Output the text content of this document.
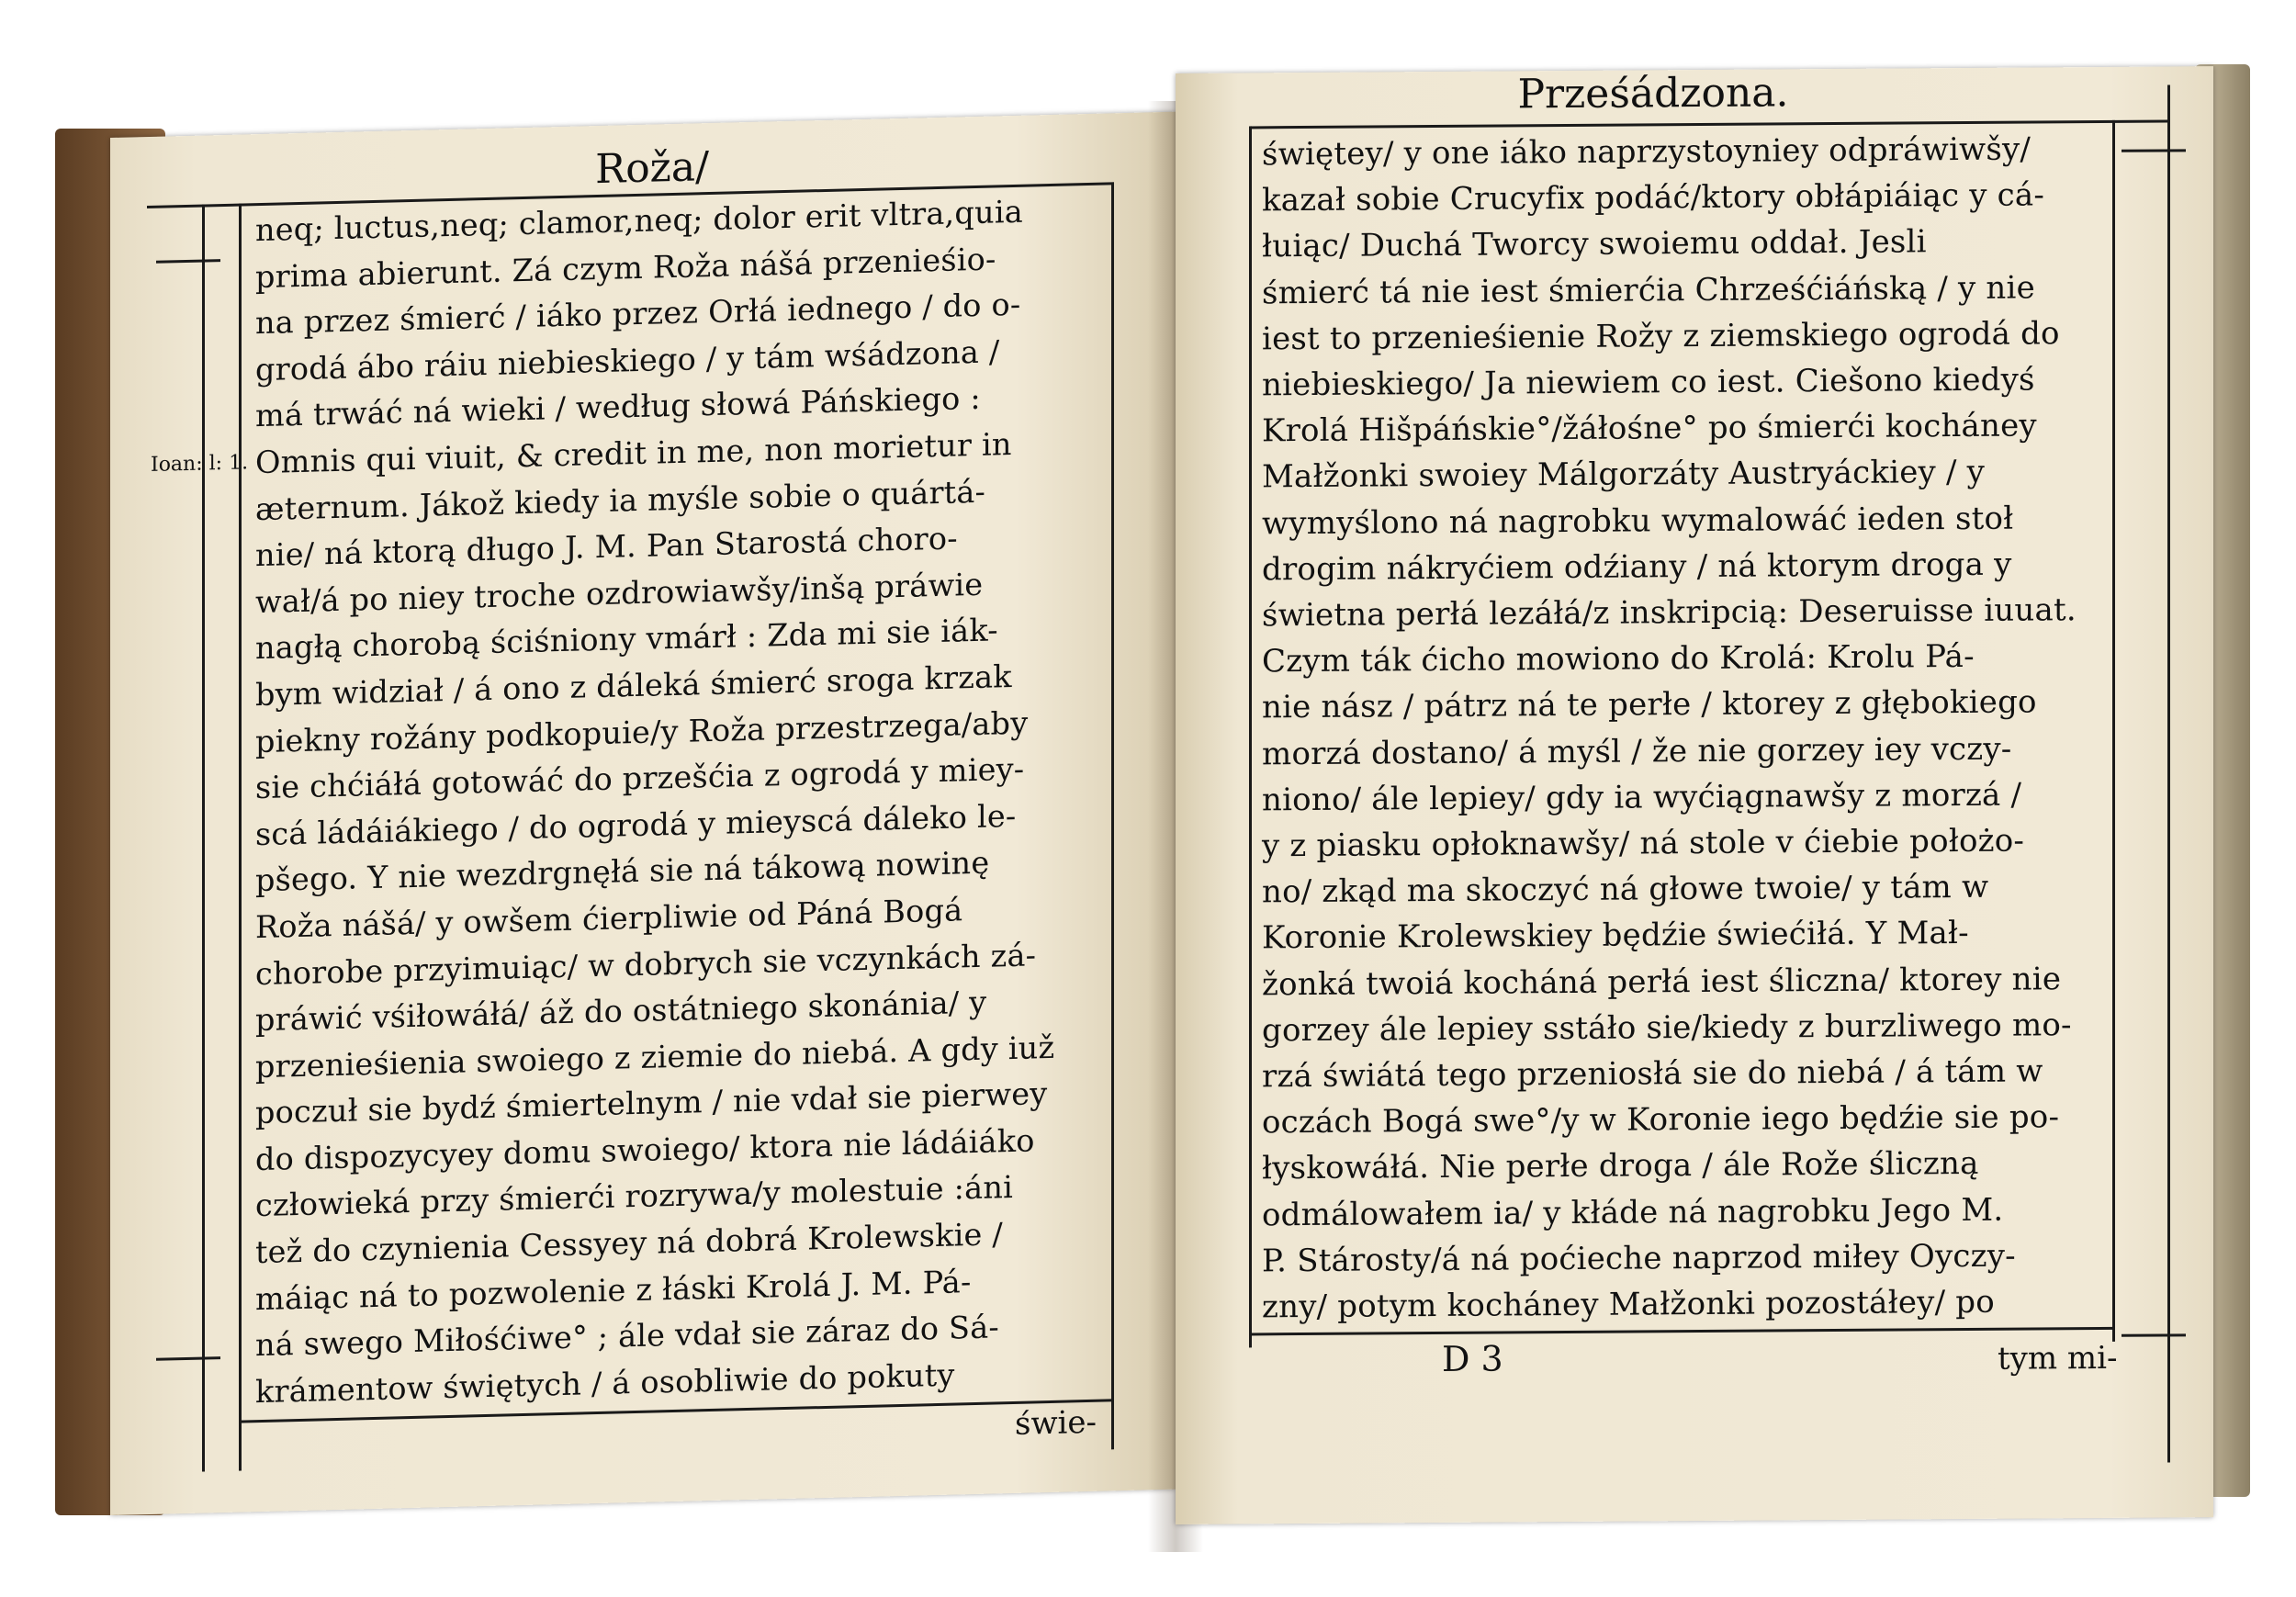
Roža/
Ioan: l: 1.
neq; luctus,neq; clamor,neq; dolor erit vltra,quia
prima abierunt. Zá czym Roža nášá przenieśio-
na przez śmierć / iáko przez Orłá iednego / do o-
grodá ábo ráiu niebieskiego / y tám wśádzona /
má trwáć ná wieki / według słowá Páńskiego :
Omnis qui viuit, & credit in me, non morietur in
æternum. Jákož kiedy ia myśle sobie o quártá-
nie/ ná ktorą długo J. M. Pan Starostá choro-
wał/á po niey troche ozdrowiawšy/inšą práwie
nagłą chorobą ściśniony vmárł : Zda mi sie iák-
bym widział / á ono z dáleká śmierć sroga krzak
piekny rožány podkopuie/y Roža przestrzega/aby
sie chćiáłá gotowáć do przešćia z ogrodá y miey-
scá ládáiákiego / do ogrodá y mieyscá dáleko le-
pšego. Y nie wezdrgnęłá sie ná tákową nowinę
Roža nášá/ y owšem ćierpliwie od Páná Bogá
chorobe przyimuiąc/ w dobrych sie vczynkách zá-
práwić vśiłowáłá/ áž do ostátniego skonánia/ y
przenieśienia swoiego z ziemie do niebá. A gdy iuž
poczuł sie bydź śmiertelnym / nie vdał sie pierwey
do dispozycyey domu swoiego/ ktora nie ládáiáko
człowieká przy śmierći rozrywa/y molestuie :áni
tež do czynienia Cessyey ná dobrá Krolewskie /
máiąc ná to pozwolenie z łáski Krolá J. M. Pá-
ná swego Miłośćiwe° ; ále vdał sie záraz do Sá-
krámentow świętych / á osobliwie do pokuty
świe-
Prześádzona.
świętey/ y one iáko naprzystoyniey odpráwiwšy/
kazał sobie Crucyfix podáć/ktory obłápiáiąc y cá-
łuiąc/ Duchá Tworcy swoiemu oddał. Jesli
śmierć tá nie iest śmierćia Chrześćiáńską / y nie
iest to przenieśienie Rožy z ziemskiego ogrodá do
niebieskiego/ Ja niewiem co iest. Ciešono kiedyś
Krolá Hišpáńskie°/žáłośne° po śmierći kocháney
Małžonki swoiey Málgorzáty Austryáckiey / y
wymyślono ná nagrobku wymalowáć ieden stoł
drogim nákryćiem odźiany / ná ktorym droga y
świetna perłá lezáłá/z inskripcią: Deseruisse iuuat.
Czym ták ćicho mowiono do Krolá: Krolu Pá-
nie nász / pátrz ná te perłe / ktorey z głębokiego
morzá dostano/ á myśl / že nie gorzey iey vczy-
niono/ ále lepiey/ gdy ia wyćiągnawšy z morzá /
y z piasku opłoknawšy/ ná stole v ćiebie położo-
no/ zkąd ma skoczyć ná głowe twoie/ y tám w
Koronie Krolewskiey będźie świećiłá. Y Mał-
žonká twoiá kocháná perłá iest śliczna/ ktorey nie
gorzey ále lepiey sstáło sie/kiedy z burzliwego mo-
rzá świátá tego przeniosłá sie do niebá / á tám w
oczách Bogá swe°/y w Koronie iego będźie sie po-
łyskowáłá. Nie perłe droga / ále Rože śliczną
odmálowałem ia/ y kłáde ná nagrobku Jego M.
P. Stárosty/á ná poćieche naprzod miłey Oyczy-
zny/ potym kocháney Małžonki pozostáłey/ po
D 3	tym mi-
